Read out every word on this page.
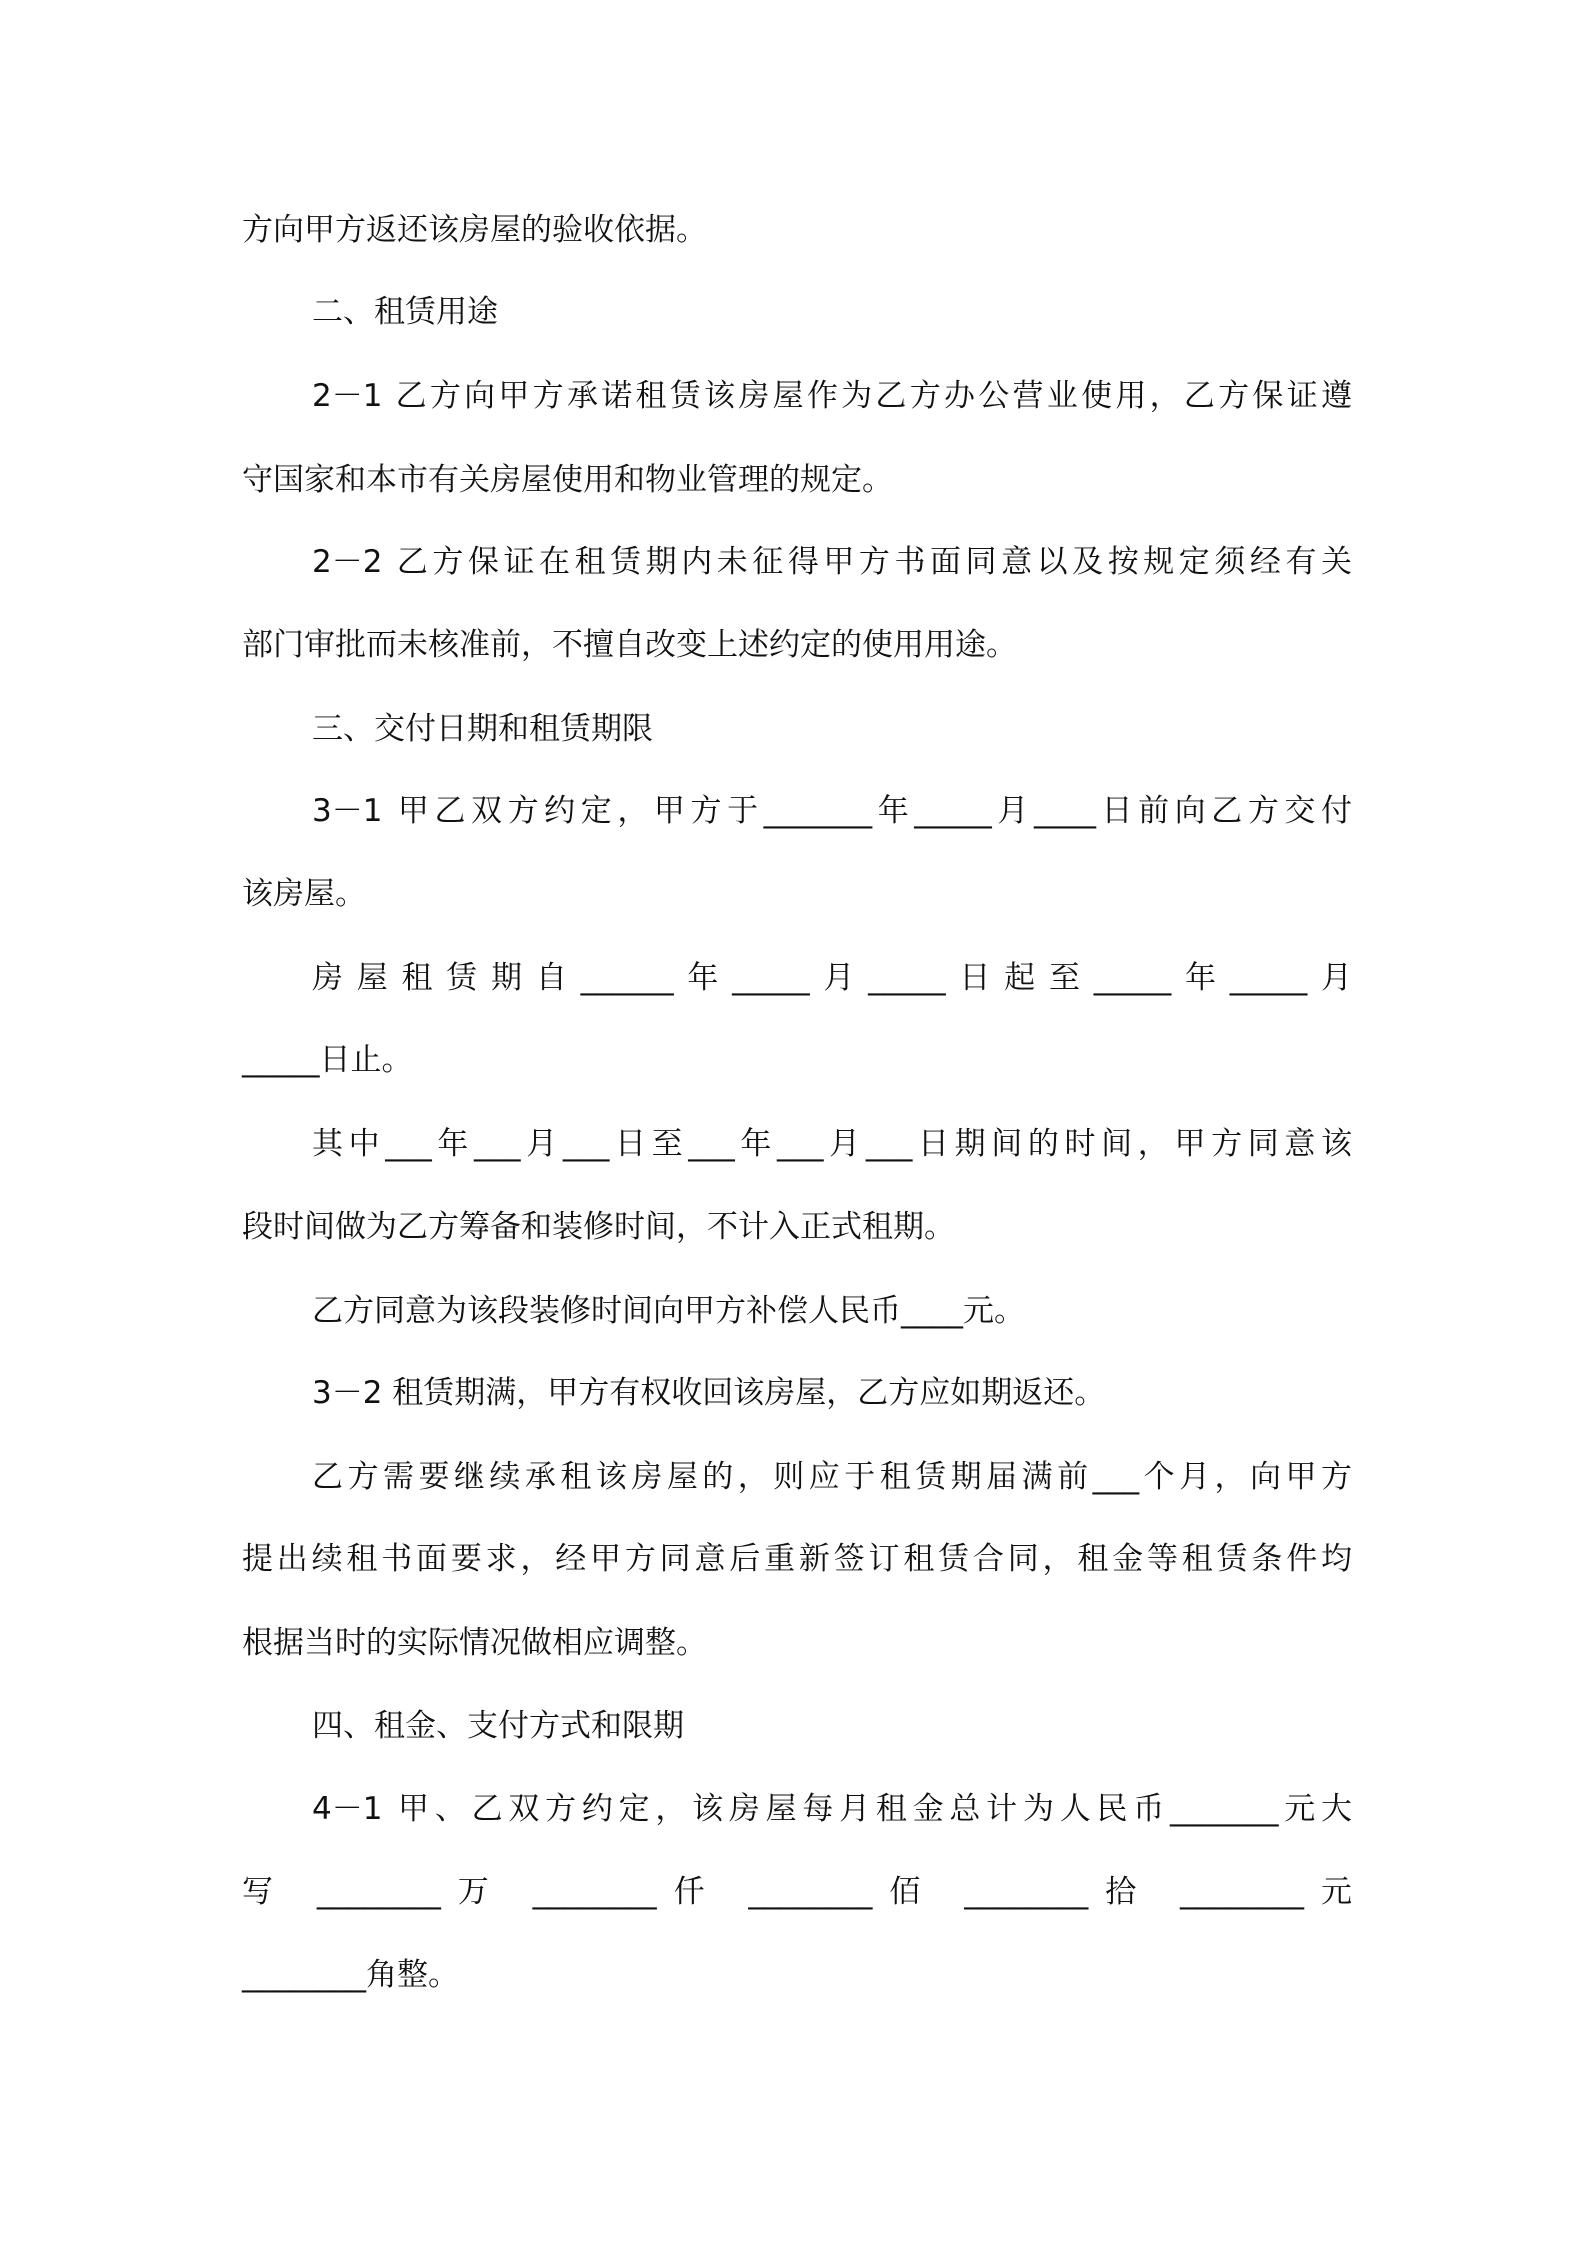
方向甲方返还该房屋的验收依据。
二、租赁用途
2－1 乙方向甲方承诺租赁该房屋作为乙方办公营业使用，乙方保证遵
守国家和本市有关房屋使用和物业管理的规定。
2－2 乙方保证在租赁期内未征得甲方书面同意以及按规定须经有关
部门审批而未核准前，不擅自改变上述约定的使用用途。
三、交付日期和租赁期限
3－1 甲乙双方约定，甲方于_______年_____月____日前向乙方交付
该房屋。
房屋租赁期自______年_____月_____日起至_____年_____月
_____日止。
其中___年___月___日至___年___月___日期间的时间，甲方同意该
段时间做为乙方筹备和装修时间，不计入正式租期。
乙方同意为该段装修时间向甲方补偿人民币____元。
3－2 租赁期满，甲方有权收回该房屋，乙方应如期返还。
乙方需要继续承租该房屋的，则应于租赁期届满前___个月，向甲方
提出续租书面要求，经甲方同意后重新签订租赁合同，租金等租赁条件均
根据当时的实际情况做相应调整。
四、租金、支付方式和限期
4－1 甲、乙双方约定，该房屋每月租金总计为人民币_______元大
写 ________万 ________仟 ________佰 ________拾 ________元
________角整。
